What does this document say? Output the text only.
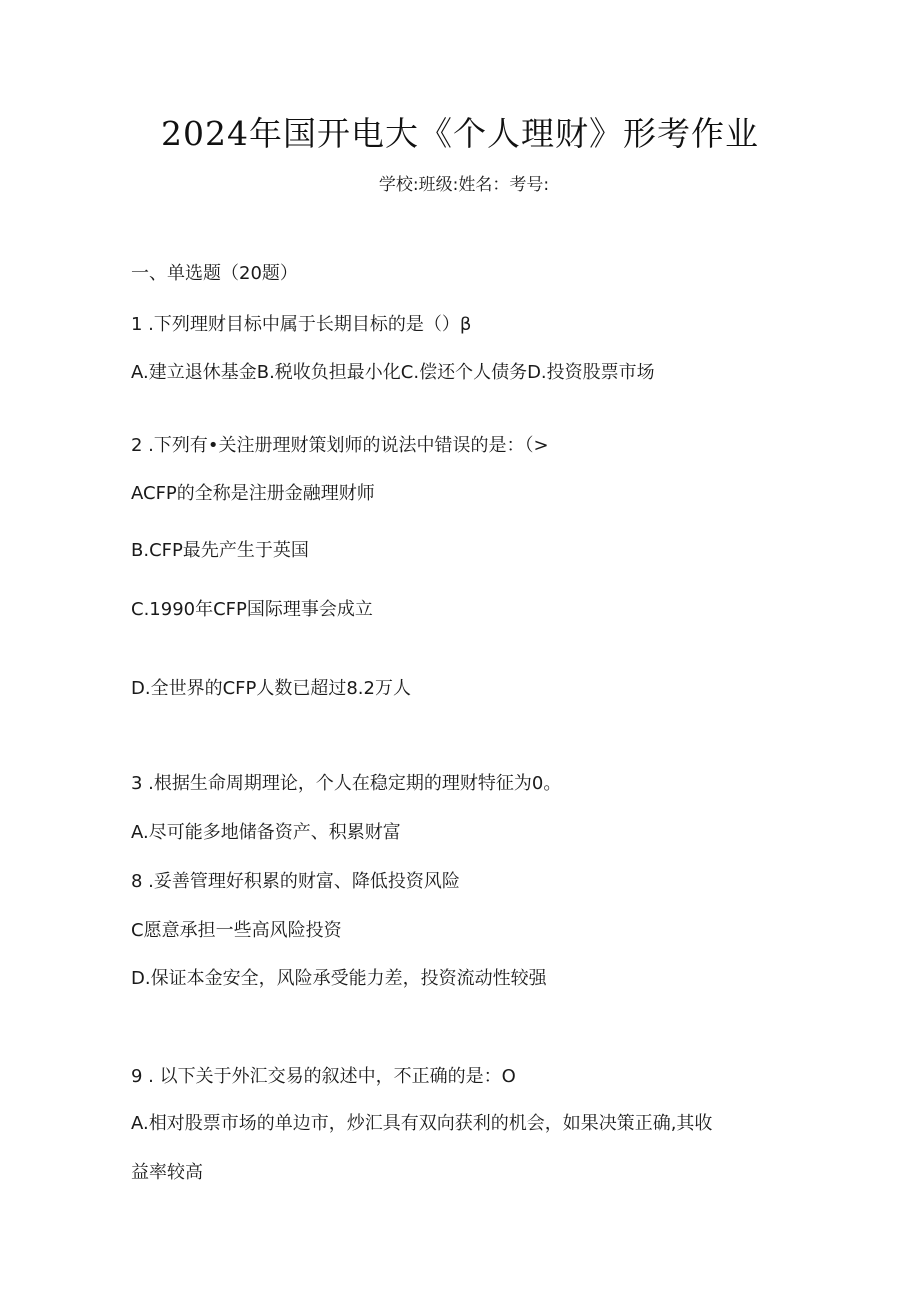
2024年国开电大《个人理财》形考作业
学校:班级:姓名：考号:
一、单选题（20题）
1 .下列理财目标中属于长期目标的是（）β
A.建立退休基金B.税收负担最小化C.偿还个人债务D.投资股票市场
2 .下列有•关注册理财策划师的说法中错误的是：（>
ACFP的全称是注册金融理财师
B.CFP最先产生于英国
C.1990年CFP国际理事会成立
D.全世界的CFP人数已超过8.2万人
3 .根据生命周期理论，个人在稳定期的理财特征为0。
A.尽可能多地储备资产、积累财富
8 .妥善管理好积累的财富、降低投资风险
C愿意承担一些高风险投资
D.保证本金安全，风险承受能力差，投资流动性较强
9 . 以下关于外汇交易的叙述中，不正确的是：O
A.相对股票市场的单边市，炒汇具有双向获利的机会，如果决策正确,其收
益率较高
